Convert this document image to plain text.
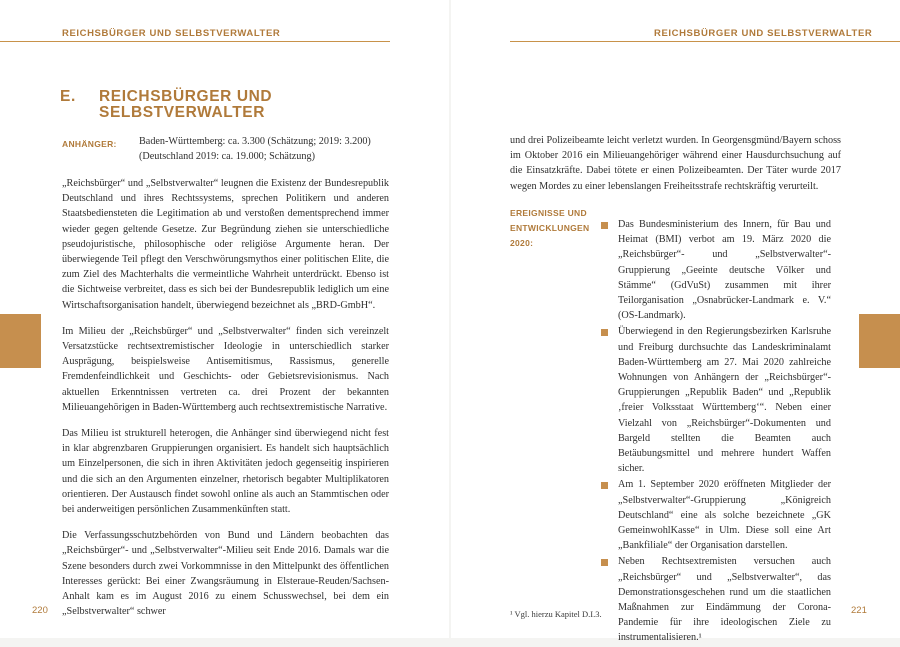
REICHSBÜRGER UND SELBSTVERWALTER
E. REICHSBÜRGER UND
SELBSTVERWALTER
ANHÄNGER: Baden-Württemberg: ca. 3.300 (Schätzung; 2019: 3.200)
(Deutschland 2019: ca. 19.000; Schätzung)

„Reichsbürger“ und „Selbstverwalter“ leugnen die Existenz der Bundesrepublik Deutschland und ihres Rechtssystems, sprechen Politikern und anderen Staatsbediensteten die Legitimation ab und verstoßen dementsprechend immer wieder gegen geltende Gesetze. Zur Begründung ziehen sie unterschiedliche pseudojuristische, philosophische oder religiöse Argumente heran. Der überwiegende Teil pflegt den Verschwörungsmythos einer politischen Elite, die zum Ziel des Machterhalts die vermeintliche Wahrheit unterdrückt. Ebenso ist die Sichtweise verbreitet, dass es sich bei der Bundesrepublik lediglich um eine Wirtschaftsorganisation handelt, überwiegend bezeichnet als „BRD-GmbH“.

Im Milieu der „Reichsbürger“ und „Selbstverwalter“ finden sich vereinzelt Versatzstücke rechtsextremistischer Ideologie in unterschiedlich starker Ausprägung, beispielsweise Antisemitismus, Rassismus, generelle Fremdenfeindlichkeit und Geschichts- oder Gebietsrevisionismus. Nach aktuellen Erkenntnissen vertreten ca. drei Prozent der bekannten Milieuangehörigen in Baden-Württemberg auch rechtsextremistische Narrative.

Das Milieu ist strukturell heterogen, die Anhänger sind überwiegend nicht fest in klar abgrenzbaren Gruppierungen organisiert. Es handelt sich hauptsächlich um Einzelpersonen, die sich in ihren Aktivitäten jedoch gegenseitig inspirieren und die sich an den Argumenten einzelner, rhetorisch begabter Multiplikatoren orientieren. Der Austausch findet sowohl online als auch an Stammtischen oder bei anderweitigen persönlichen Zusammenkünften statt.

Die Verfassungsschutzbehörden von Bund und Ländern beobachten das „Reichsbürger“- und „Selbstverwalter“-Milieu seit Ende 2016. Damals war die Szene besonders durch zwei Vorkommnisse in den Mittelpunkt des öffentlichen Interesses gerückt: Bei einer Zwangsräumung in Elsteraue-Reuden/Sachsen-Anhalt kam es im August 2016 zu einem Schusswechsel, bei dem ein „Selbstverwalter“ schwer

220
REICHSBÜRGER UND SELBSTVERWALTER
und drei Polizeibeamte leicht verletzt wurden. In Georgensgmünd/Bayern schoss im Oktober 2016 ein Milieuangehöriger während einer Hausdurchsuchung auf die Einsatzkräfte. Dabei tötete er einen Polizeibeamten. Der Täter wurde 2017 wegen Mordes zu einer lebenslangen Freiheitsstrafe rechtskräftig verurteilt.
EREIGNISSE UND
ENTWICKLUNGEN
2020:
Das Bundesministerium des Innern, für Bau und Heimat (BMI) verbot am 19. März 2020 die „Reichsbürger“- und „Selbstverwalter“-Gruppierung „Geeinte deutsche Völker und Stämme“ (GdVuSt) zusammen mit ihrer Teilorganisation „Osnabrücker-Landmark e. V.“ (OS-Landmark).
Überwiegend in den Regierungsbezirken Karlsruhe und Freiburg durchsuchte das Landeskriminalamt Baden-Württemberg am 27. Mai 2020 zahlreiche Wohnungen von Anhängern der „Reichsbürger“-Gruppierungen „Republik Baden“ und „Republik ‚freier Volksstaat Württemberg‘“. Neben einer Vielzahl von „Reichsbürger“-Dokumenten und Bargeld stellten die Beamten auch Betäubungsmittel und mehrere hundert Waffen sicher.
Am 1. September 2020 eröffneten Mitglieder der „Selbstverwalter“-Gruppierung „Königreich Deutschland“ eine als solche bezeichnete „GK GemeinwohlKasse“ in Ulm. Diese soll eine Art „Bankfiliale“ der Organisation darstellen.
Neben Rechtsextremisten versuchen auch „Reichsbürger“ und „Selbstverwalter“, das Demonstrationsgeschehen rund um die staatlichen Maßnahmen zur Eindämmung der Corona-Pandemie für ihre ideologischen Ziele zu instrumentalisieren.¹
¹ Vgl. hierzu Kapitel D.I.3.	221
